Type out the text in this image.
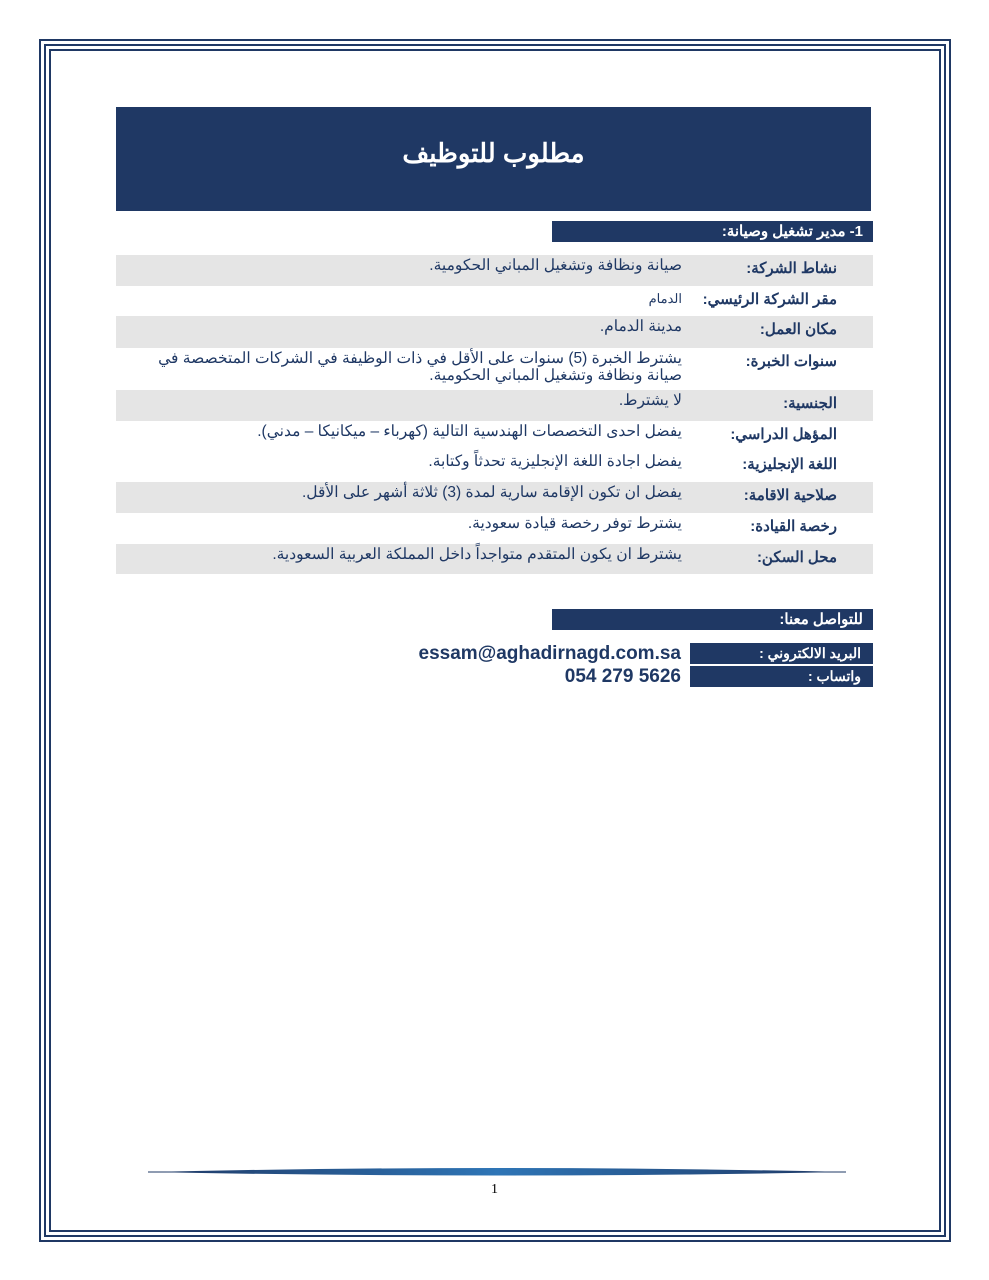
مطلوب للتوظيف
1- مدير تشغيل وصيانة:
نشاط الشركة:
صيانة ونظافة وتشغيل المباني الحكومية.
مقر الشركة الرئيسي:
الدمام
مكان العمل:
مدينة الدمام.
سنوات الخبرة:
يشترط الخبرة (5) سنوات على الأقل في ذات الوظيفة في الشركات المتخصصة في صيانة ونظافة وتشغيل المباني الحكومية.
الجنسية:
لا يشترط.
المؤهل الدراسي:
يفضل احدى التخصصات الهندسية التالية (كهرباء – ميكانيكا – مدني).
اللغة الإنجليزية:
يفضل اجادة اللغة الإنجليزية تحدثاً وكتابة.
صلاحية الاقامة:
يفضل ان تكون الإقامة سارية لمدة (3) ثلاثة أشهر على الأقل.
رخصة القيادة:
يشترط توفر رخصة قيادة سعودية.
محل السكن:
يشترط ان يكون المتقدم متواجداً داخل المملكة العربية السعودية.
للتواصل معنا:
البريد الالكتروني :
essam@aghadirnagd.com.sa
واتساب :
054 279 5626
1
